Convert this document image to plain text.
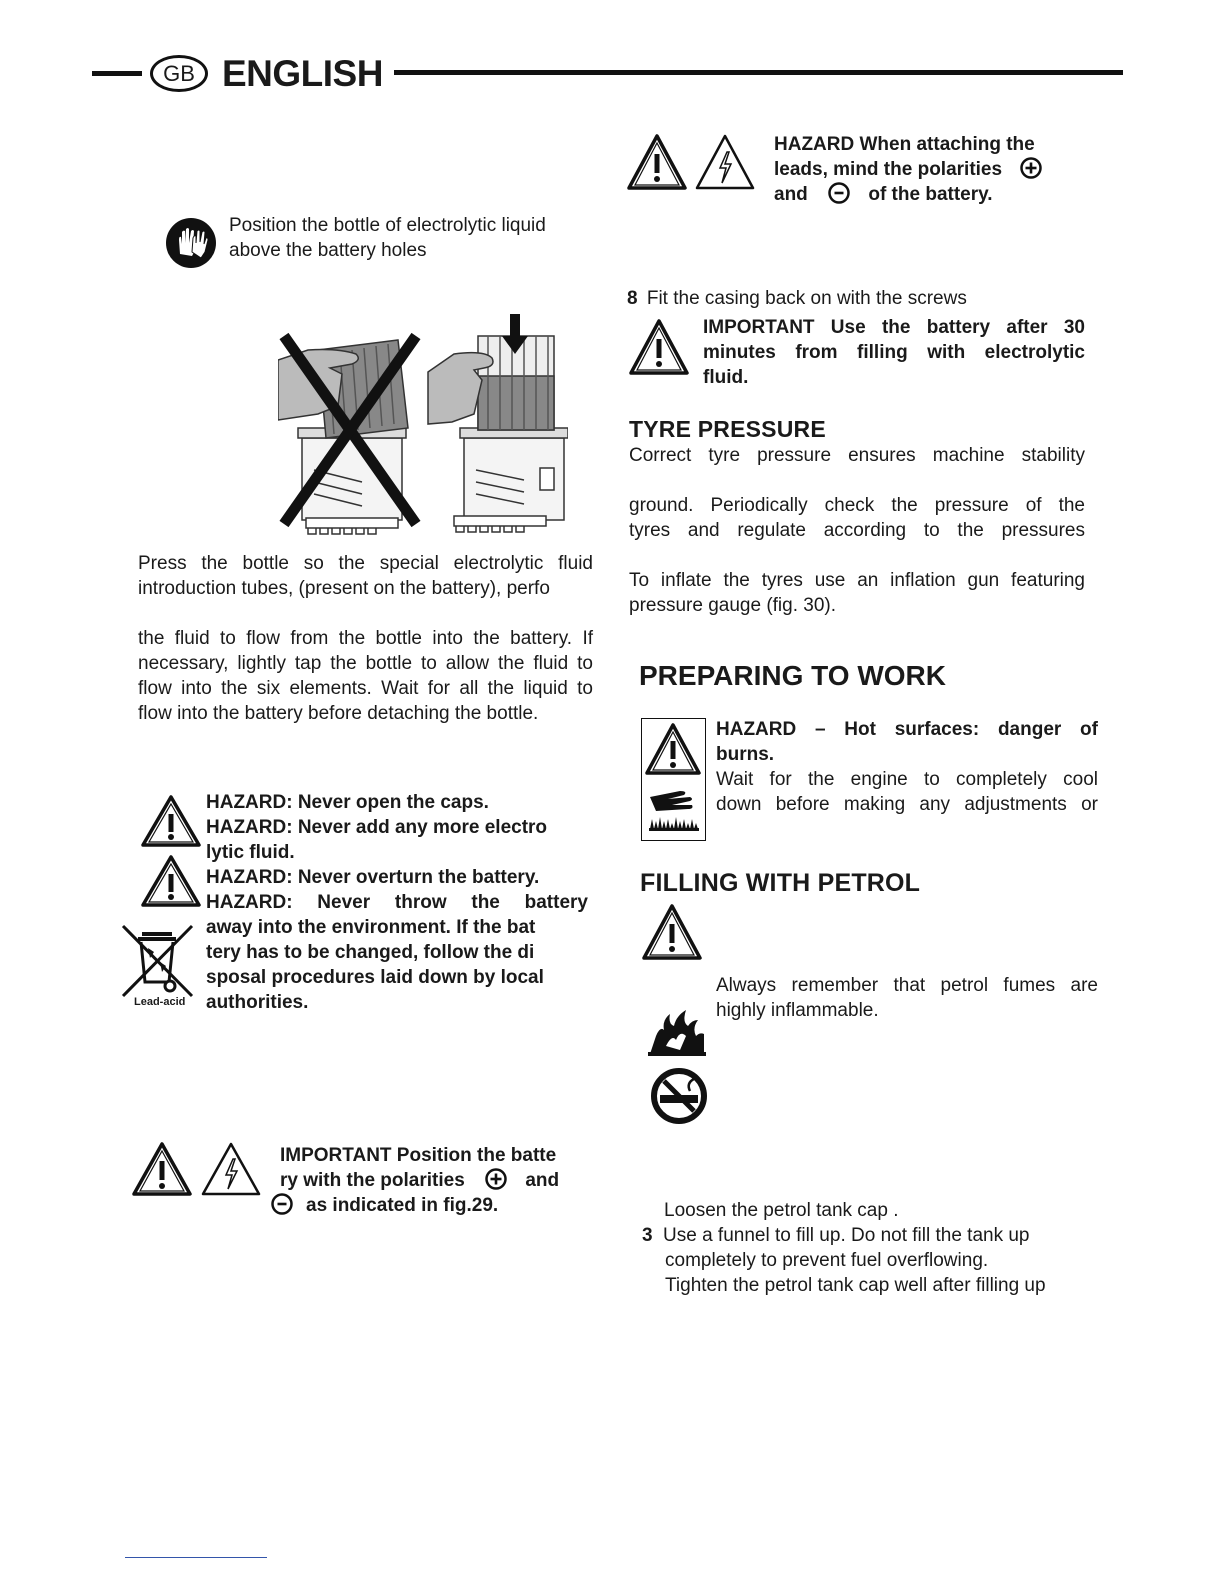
GB ENGLISH
Position the bottle of electrolytic liquid
above the battery holes
Press the bottle so the special electrolytic fluid
introduction tubes, (present on the battery), perfo
the fluid to flow from the bottle into the battery. If
necessary, lightly tap the bottle to allow the fluid to
flow into the six elements. Wait for all the liquid to
flow into the battery before detaching the bottle.
Lead-acid
HAZARD: Never open the caps.
HAZARD: Never add any more electro
lytic fluid.
HAZARD: Never overturn the battery.
HAZARD: Never throw the battery
away into the environment. If the bat
tery has to be changed, follow the di
sposal procedures laid down by local
authorities.
IMPORTANT Position the batte
ry with the polarities	and
as indicated in fig.29.
HAZARD When attaching the
leads, mind the polarities
and	of the battery.
8 Fit the casing back on with the screws
IMPORTANT Use the battery after 30
minutes from filling with electrolytic
fluid.
TYRE PRESSURE
Correct tyre pressure ensures machine stability
ground. Periodically check the pressure of the
tyres and regulate according to the pressures
To inflate the tyres use an inflation gun featuring
pressure gauge (fig. 30).
PREPARING TO WORK
HAZARD – Hot surfaces: danger of
burns.
Wait for the engine to completely cool
down before making any adjustments or
FILLING WITH PETROL
Always remember that petrol fumes are
highly inflammable.
Loosen the petrol tank cap .
3 Use a funnel to fill up. Do not fill the tank up
completely to prevent fuel overflowing.
Tighten the petrol tank cap well after filling up
